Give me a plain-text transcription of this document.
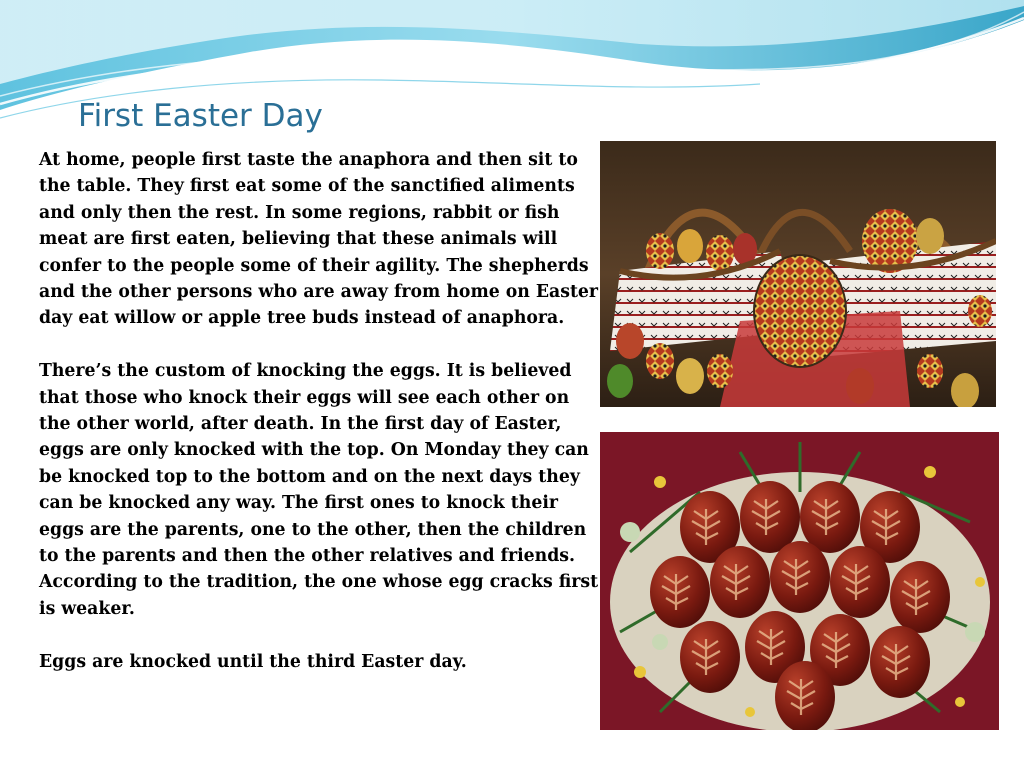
First Easter Day

At home, people first taste the anaphora and then sit to the table. They first eat some of the sanctified aliments and only then the rest. In some regions, rabbit or fish meat are first eaten, believing that these animals will confer to the people some of their agility. The shepherds and the other persons who are away from home on Easter day eat willow or apple tree buds instead of anaphora.

There’s the custom of knocking the eggs. It is believed that those who knock their eggs will see each other on the other world, after death. In the first day of Easter, eggs are only knocked with the top. On Monday they can be knocked top to the bottom and on the next days they can be knocked any way. The first ones to knock their eggs are the parents, one to the other, then the children to the parents and then the other relatives and friends. According to the tradition, the one whose egg cracks first is weaker.

Eggs are knocked until the third Easter day.
